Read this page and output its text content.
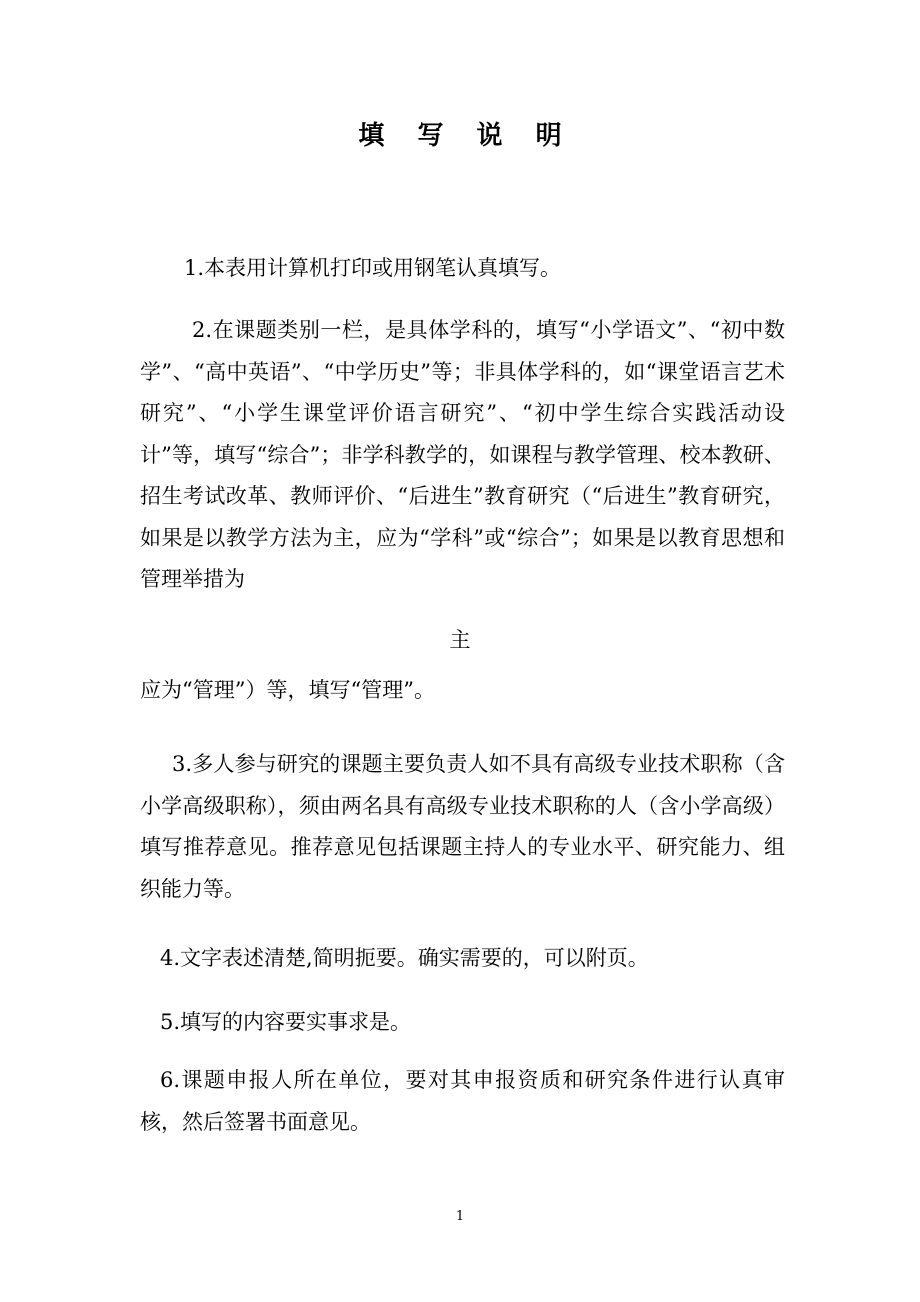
填 写 说 明

1.本表用计算机打印或用钢笔认真填写。

2.在课题类别一栏，是具体学科的，填写“小学语文”、“初中数学”、“高中英语”、“中学历史”等；非具体学科的，如“课堂语言艺术研究”、“小学生课堂评价语言研究”、“初中学生综合实践活动设计”等，填写“综合”；非学科教学的，如课程与教学管理、校本教研、招生考试改革、教师评价、“后进生”教育研究（“后进生”教育研究，如果是以教学方法为主，应为“学科”或“综合”；如果是以教育思想和管理举措为

主

应为“管理”）等，填写“管理”。

3.多人参与研究的课题主要负责人如不具有高级专业技术职称（含小学高级职称），须由两名具有高级专业技术职称的人（含小学高级）填写推荐意见。推荐意见包括课题主持人的专业水平、研究能力、组织能力等。

4.文字表述清楚,简明扼要。确实需要的，可以附页。

5.填写的内容要实事求是。

6.课题申报人所在单位，要对其申报资质和研究条件进行认真审核，然后签署书面意见。

1
